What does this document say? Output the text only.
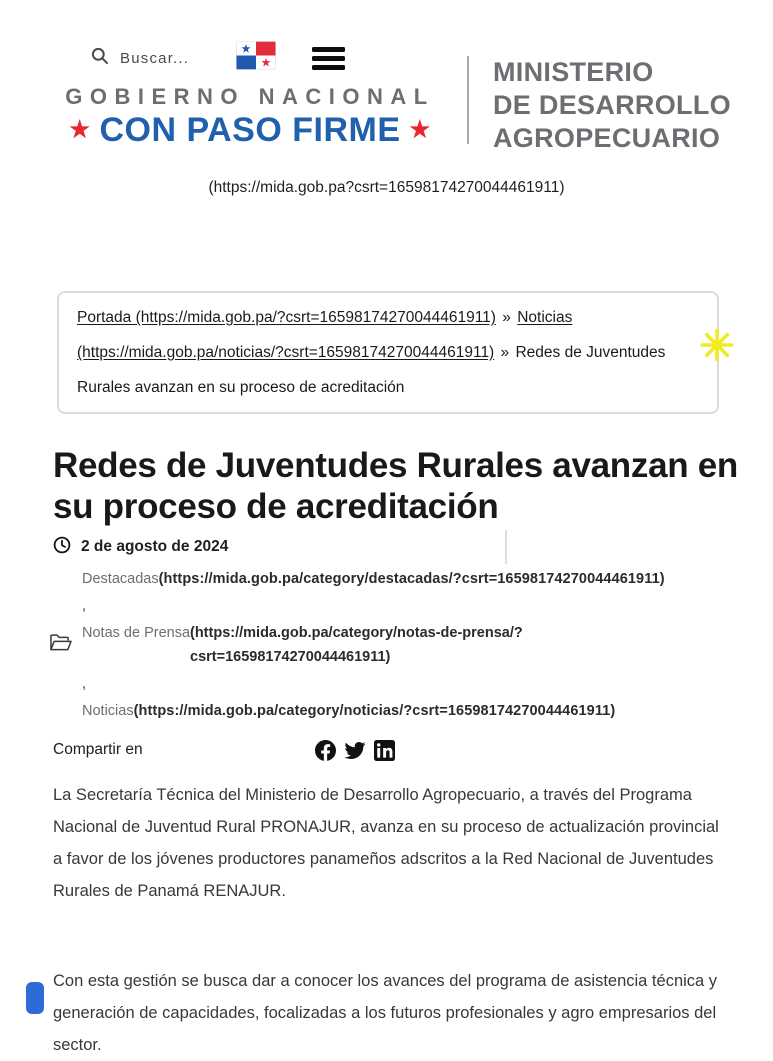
Buscar...
GOBIERNO NACIONAL
★ CON PASO FIRME ★
MINISTERIO
DE DESARROLLO
AGROPECUARIO
(https://mida.gob.pa?csrt=16598174270044461911)
Portada (https://mida.gob.pa/?csrt=16598174270044461911) » Noticias (https://mida.gob.pa/noticias/?csrt=16598174270044461911) » Redes de Juventudes Rurales avanzan en su proceso de acreditación
Redes de Juventudes Rurales avanzan en su proceso de acreditación
2 de agosto de 2024
Destacadas(https://mida.gob.pa/category/destacadas/?csrt=16598174270044461911)
,
Notas de Prensa (https://mida.gob.pa/category/notas-de-prensa/?csrt=16598174270044461911)
,
Noticias(https://mida.gob.pa/category/noticias/?csrt=16598174270044461911)
Compartir en

La Secretaría Técnica del Ministerio de Desarrollo Agropecuario, a través del Programa Nacional de Juventud Rural PRONAJUR, avanza en su proceso de actualización provincial a favor de los jóvenes productores panameños adscritos a la Red Nacional de Juventudes Rurales de Panamá RENAJUR.

Con esta gestión se busca dar a conocer los avances del programa de asistencia técnica y generación de capacidades, focalizadas a los futuros profesionales y agro empresarios del sector.
